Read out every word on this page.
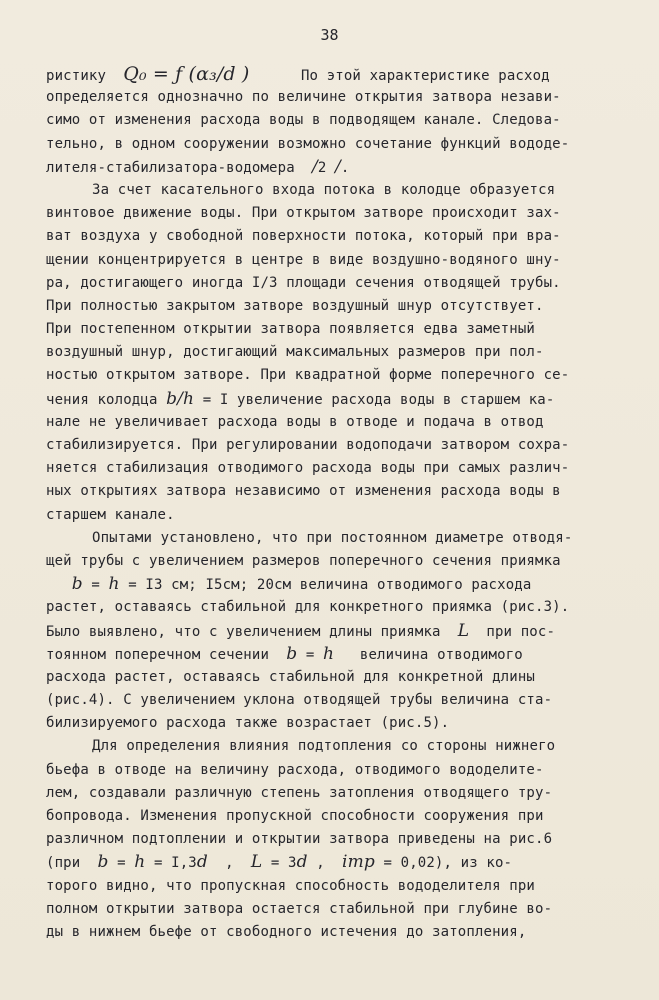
38
ристику  Q₀ = ƒ (α₃/d )      По этой характеристике расход
определяется однозначно по величине открытия затвора незави-
симо от изменения расхода воды в подводящем канале. Следова-
тельно, в одном сооружении возможно сочетание функций вододе-
лителя-стабилизатора-водомера  /2 /.
За счет касательного входа потока в колодце образуется
винтовое движение воды. При открытом затворе происходит зах-
ват воздуха у свободной поверхности потока, который при вра-
щении концентрируется в центре в виде воздушно-водяного шну-
ра, достигающего иногда I/3 площади сечения отводящей трубы.
При полностью закрытом затворе воздушный шнур отсутствует.
При постепенном открытии затвора появляется едва заметный
воздушный шнур, достигающий максимальных размеров при пол-
ностью открытом затворе. При квадратной форме поперечного се-
чения колодца b/h = I увеличение расхода воды в старшем ка-
нале не увеличивает расхода воды в отводе и подача в отвод
стабилизируется. При регулировании водоподачи затвором сохра-
няется стабилизация отводимого расхода воды при самых различ-
ных открытиях затвора независимо от изменения расхода воды в
старшем канале.
Опытами установлено, что при постоянном диаметре отводя-
щей трубы с увеличением размеров поперечного сечения приямка
b = h = I3 см; I5см; 20см величина отводимого расхода
растет, оставаясь стабильной для конкретного приямка (рис.3).
Было выявлено, что с увеличением длины приямка  L  при пос-
тоянном поперечном сечении  b = h   величина отводимого
расхода растет, оставаясь стабильной для конкретной длины
(рис.4). С увеличением уклона отводящей трубы величина ста-
билизируемого расхода также возрастает (рис.5).
Для определения влияния подтопления со стороны нижнего
бьефа в отводе на величину расхода, отводимого вододелите-
лем, создавали различную степень затопления отводящего тру-
бопровода. Изменения пропускной способности сооружения при
различном подтоплении и открытии затвора приведены на рис.6
(при  b = h = I,3d  ,  L = 3d ,  iтр = 0,02), из ко-
торого видно, что пропускная способность вододелителя при
полном открытии затвора остается стабильной при глубине во-
ды в нижнем бьефе от свободного истечения до затопления,
